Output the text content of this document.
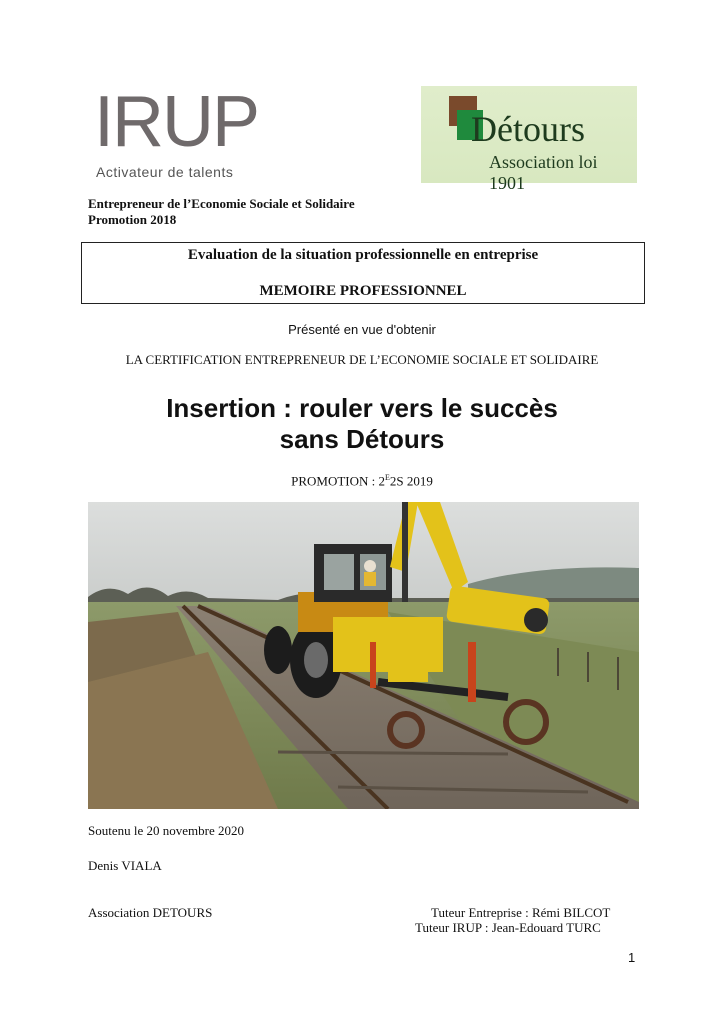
IRUP
Activateur de talents
Détours
Association loi 1901
Entrepreneur de l’Economie Sociale et Solidaire
Promotion 2018
Evaluation de la situation professionnelle en entreprise
MEMOIRE PROFESSIONNEL
Présenté en vue d'obtenir
LA CERTIFICATION ENTREPRENEUR DE L’ECONOMIE SOCIALE ET SOLIDAIRE
Insertion : rouler vers le succès
sans Détours
PROMOTION : $2^E2S$ 2019
Soutenu le 20 novembre 2020
Denis VIALA
Association DETOURS	Tuteur Entreprise : Rémi BILCOT
Tuteur IRUP : Jean-Edouard TURC
1
